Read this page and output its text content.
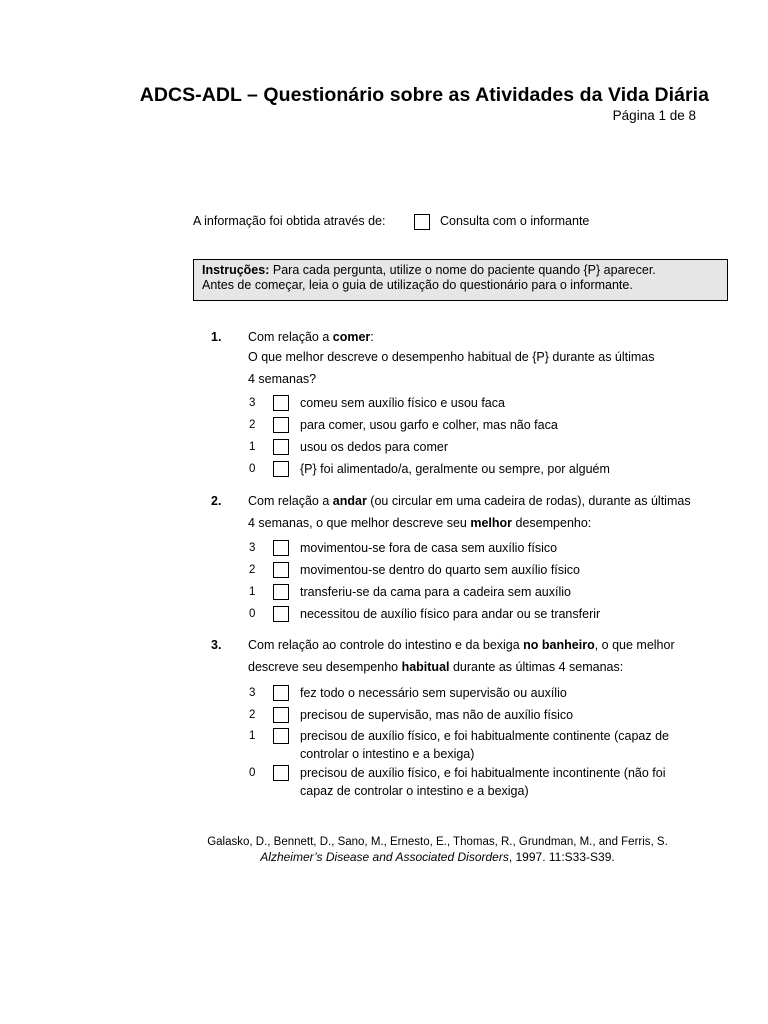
ADCS-ADL – Questionário sobre as Atividades da Vida Diária
Página 1 de 8
A informação foi obtida através de:	Consulta com o informante
Instruções: Para cada pergunta, utilize o nome do paciente quando {P} aparecer.
Antes de começar, leia o guia de utilização do questionário para o informante.
1. Com relação a comer:
O que melhor descreve o desempenho habitual de {P} durante as últimas
4 semanas?
3	comeu sem auxílio físico e usou faca
2	para comer, usou garfo e colher, mas não faca
1	usou os dedos para comer
0	{P} foi alimentado/a, geralmente ou sempre, por alguém
2. Com relação a andar (ou circular em uma cadeira de rodas), durante as últimas
4 semanas, o que melhor descreve seu melhor desempenho:
3	movimentou-se fora de casa sem auxílio físico
2	movimentou-se dentro do quarto sem auxílio físico
1	transferiu-se da cama para a cadeira sem auxílio
0	necessitou de auxílio físico para andar ou se transferir
3. Com relação ao controle do intestino e da bexiga no banheiro, o que melhor
descreve seu desempenho habitual durante as últimas 4 semanas:
3	fez todo o necessário sem supervisão ou auxílio
2	precisou de supervisão, mas não de auxílio físico
1	precisou de auxílio físico, e foi habitualmente continente (capaz de
controlar o intestino e a bexiga)
0	precisou de auxílio físico, e foi habitualmente incontinente (não foi
capaz de controlar o intestino e a bexiga)
Galasko, D., Bennett, D., Sano, M., Ernesto, E., Thomas, R., Grundman, M., and Ferris, S.
Alzheimer’s Disease and Associated Disorders, 1997. 11:S33-S39.
